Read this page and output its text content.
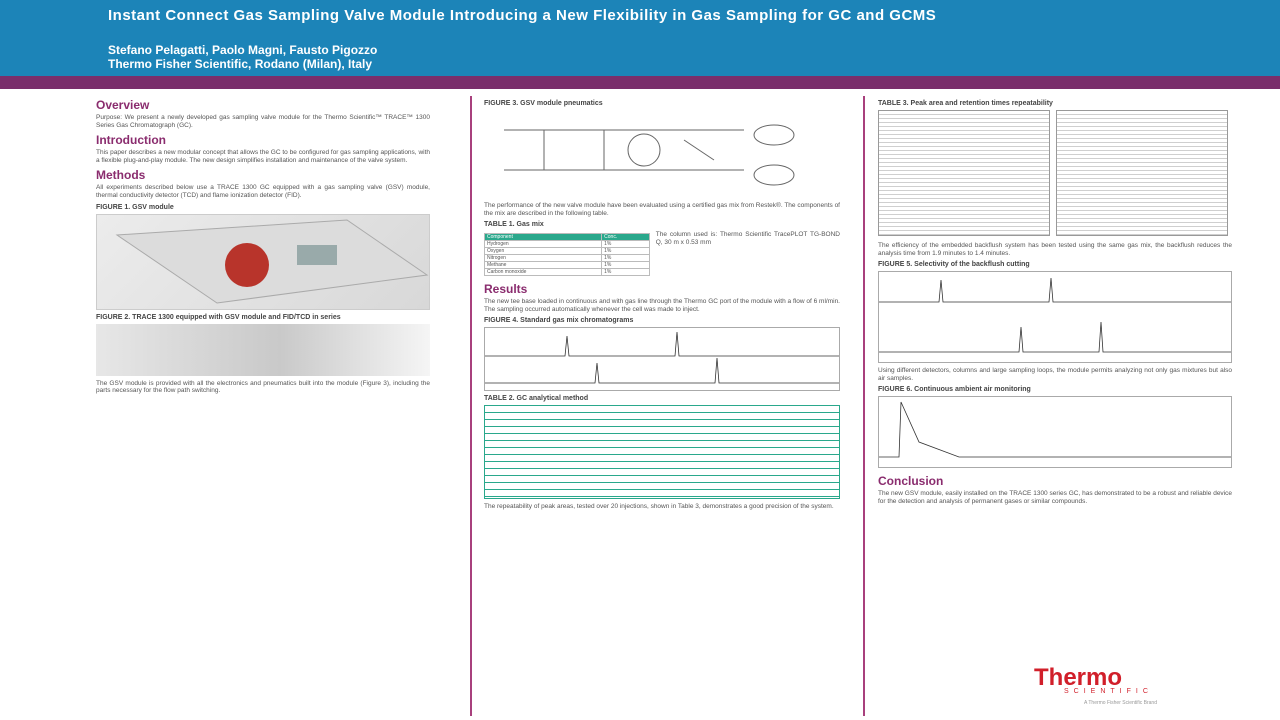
Instant Connect Gas Sampling Valve Module Introducing a New Flexibility in Gas Sampling for GC and GCMS
Stefano Pelagatti, Paolo Magni, Fausto Pigozzo
Thermo Fisher Scientific, Rodano (Milan), Italy
Overview

Purpose: We present a newly developed gas sampling valve module for the Thermo Scientific™ TRACE™ 1300 Series Gas Chromatograph (GC).

Introduction

This paper describes a new modular concept that allows the GC to be configured for gas sampling applications, with a flexible plug-and-play module. The new design simplifies installation and maintenance of the valve system.

Methods

All experiments described below use a TRACE 1300 GC equipped with a gas sampling valve (GSV) module, thermal conductivity detector (TCD) and flame ionization detector (FID).

FIGURE 1. GSV module
FIGURE 2. TRACE 1300 equipped with GSV module and FID/TCD in series

The GSV module is provided with all the electronics and pneumatics built into the module (Figure 3), including the parts necessary for the flow path switching.

FIGURE 3. GSV module pneumatics

The performance of the new valve module have been evaluated using a certified gas mix from Restek®. The components of the mix are described in the following table.

TABLE 1. Gas mix
Component	Conc.
Hydrogen	1%
Oxygen	1%
Nitrogen	1%
Methane	1%
Carbon monoxide	1%

The column used is: Thermo Scientific TracePLOT TG-BOND Q, 30 m x 0.53 mm

Results

The new tee base loaded in continuous and with gas line through the Thermo GC port of the module with a flow of 6 ml/min. The sampling occurred automatically whenever the cell was made to inject.

FIGURE 4. Standard gas mix chromatograms
TABLE 2. GC analytical method

The repeatability of peak areas, tested over 20 injections, shown in Table 3, demonstrates a good precision of the system.

TABLE 3. Peak area and retention times repeatability

The efficiency of the embedded backflush system has been tested using the same gas mix, the backflush reduces the analysis time from 1.9 minutes to 1.4 minutes.

FIGURE 5. Selectivity of the backflush cutting

Using different detectors, columns and large sampling loops, the module permits analyzing not only gas mixtures but also air samples.

FIGURE 6. Continuous ambient air monitoring
Conclusion

The new GSV module, easily installed on the TRACE 1300 series GC, has demonstrated to be a robust and reliable device for the detection and analysis of permanent gases or similar compounds.

Thermo
SCIENTIFIC
A Thermo Fisher Scientific Brand
